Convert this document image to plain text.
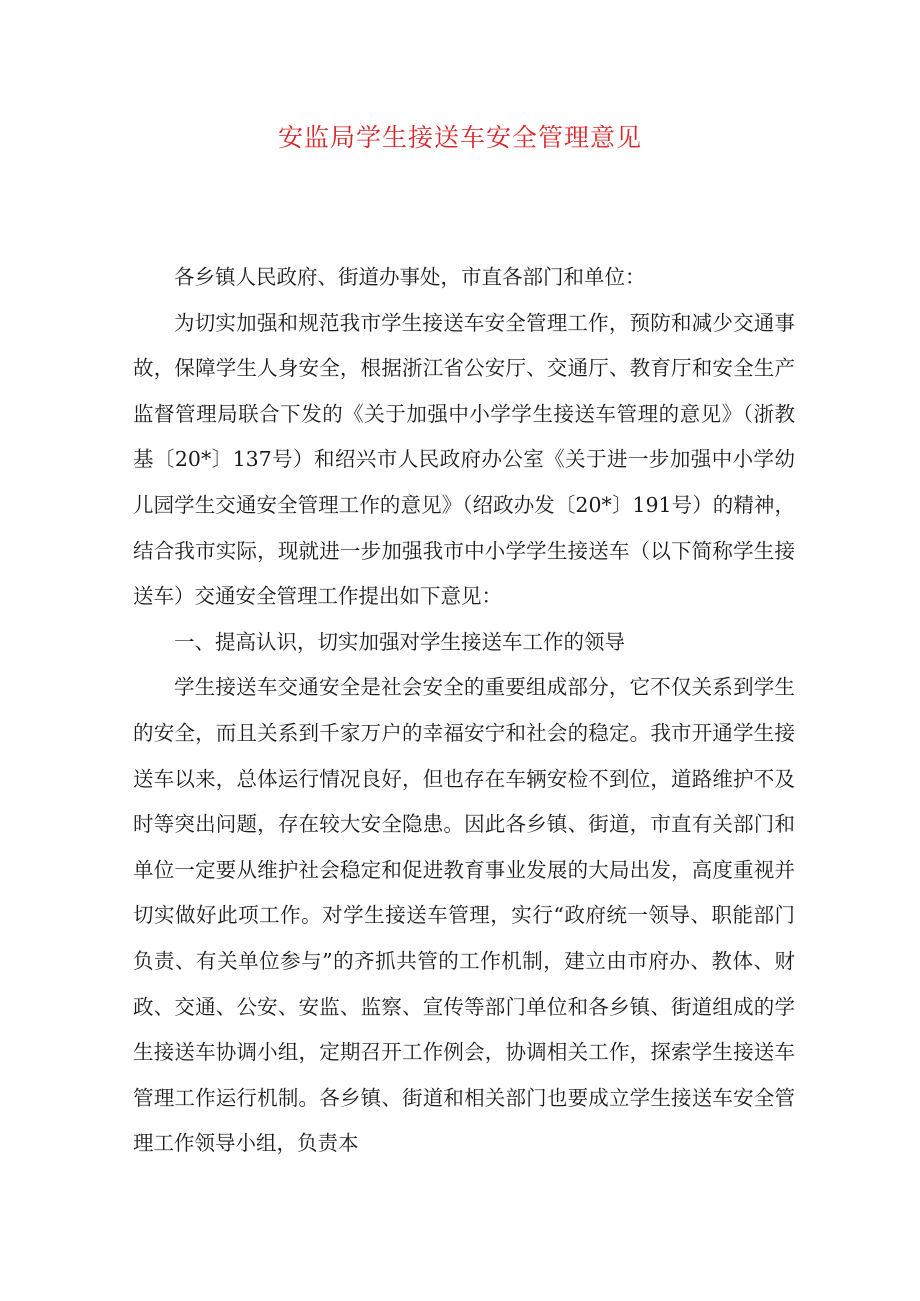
安监局学生接送车安全管理意见

各乡镇人民政府、街道办事处，市直各部门和单位：

为切实加强和规范我市学生接送车安全管理工作，预防和减少交通事故，保障学生人身安全，根据浙江省公安厅、交通厅、教育厅和安全生产监督管理局联合下发的《关于加强中小学学生接送车管理的意见》（浙教基〔20*〕137号）和绍兴市人民政府办公室《关于进一步加强中小学幼儿园学生交通安全管理工作的意见》（绍政办发〔20*〕191号）的精神，结合我市实际，现就进一步加强我市中小学学生接送车（以下简称学生接送车）交通安全管理工作提出如下意见：

一、提高认识，切实加强对学生接送车工作的领导

学生接送车交通安全是社会安全的重要组成部分，它不仅关系到学生的安全，而且关系到千家万户的幸福安宁和社会的稳定。我市开通学生接送车以来，总体运行情况良好，但也存在车辆安检不到位，道路维护不及时等突出问题，存在较大安全隐患。因此各乡镇、街道，市直有关部门和单位一定要从维护社会稳定和促进教育事业发展的大局出发，高度重视并切实做好此项工作。对学生接送车管理，实行“政府统一领导、职能部门负责、有关单位参与”的齐抓共管的工作机制，建立由市府办、教体、财政、交通、公安、安监、监察、宣传等部门单位和各乡镇、街道组成的学生接送车协调小组，定期召开工作例会，协调相关工作，探索学生接送车管理工作运行机制。各乡镇、街道和相关部门也要成立学生接送车安全管理工作领导小组，负责本
